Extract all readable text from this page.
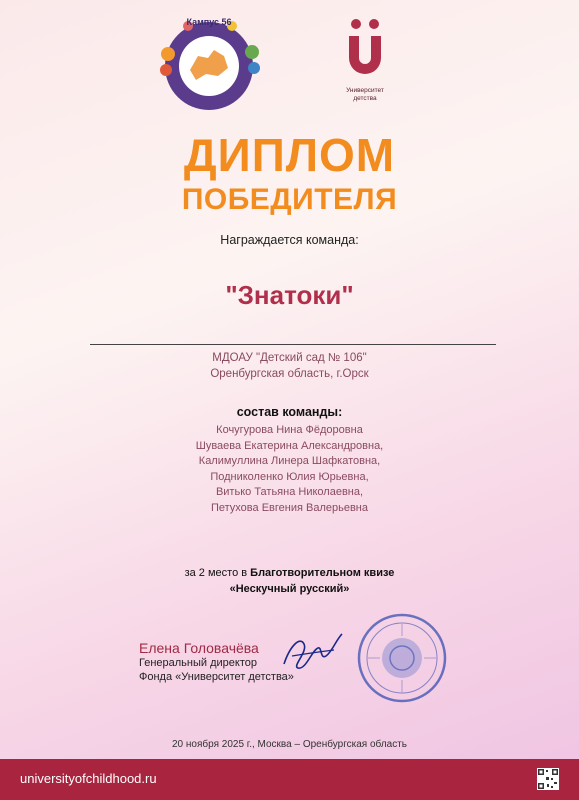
Кампус 56
Университет
детства
ДИПЛОМ
ПОБЕДИТЕЛЯ
Награждается команда:
"Знатоки"
МДОАУ "Детский сад № 106"
Оренбургская область, г.Орск
состав команды:
Кочугурова Нина Фёдоровна
Шуваева Екатерина Александровна,
Калимуллина Линера Шафкатовна,
Подниколенко Юлия Юрьевна,
Витько Татьяна Николаевна,
Петухова Евгения Валерьевна
за 2 место в Благотворительном квизе
«Нескучный русский»
Елена Головачёва
Генеральный директор
Фонда «Университет детства»
20 ноября 2025 г., Москва – Оренбургская область
universityofchildhood.ru
